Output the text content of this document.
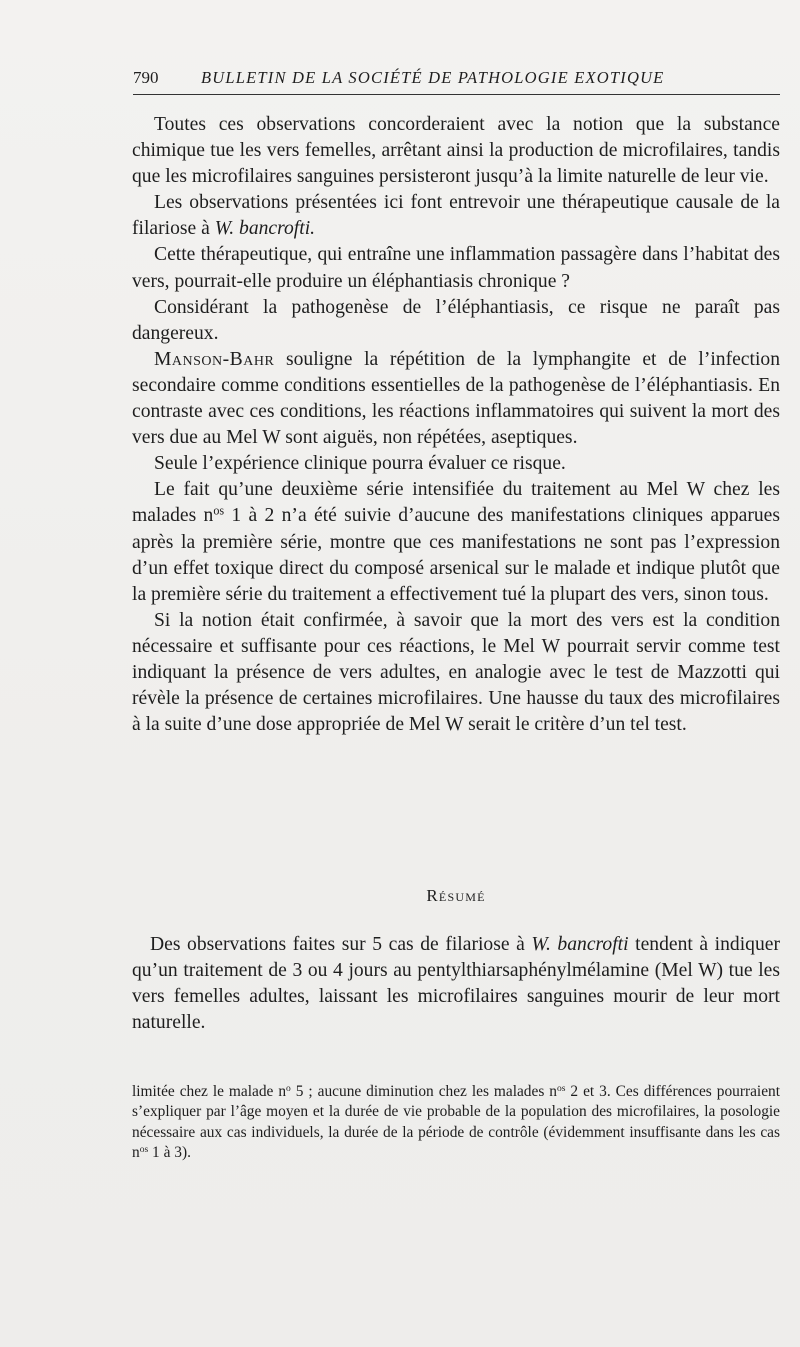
790	BULLETIN DE LA SOCIÉTÉ DE PATHOLOGIE EXOTIQUE

Toutes ces observations concorderaient avec la notion que la substance chimique tue les vers femelles, arrêtant ainsi la production de microfilaires, tandis que les microfilaires sanguines persisteront jusqu’à la limite naturelle de leur vie.

Les observations présentées ici font entrevoir une thérapeutique causale de la filariose à W. bancrofti.

Cette thérapeutique, qui entraîne une inflammation passagère dans l’habitat des vers, pourrait-elle produire un éléphantiasis chronique ?

Considérant la pathogenèse de l’éléphantiasis, ce risque ne paraît pas dangereux.

Manson-Bahr souligne la répétition de la lymphangite et de l’infection secondaire comme conditions essentielles de la pathogenèse de l’éléphantiasis. En contraste avec ces conditions, les réactions inflammatoires qui suivent la mort des vers due au Mel W sont aiguës, non répétées, aseptiques.

Seule l’expérience clinique pourra évaluer ce risque.

Le fait qu’une deuxième série intensifiée du traitement au Mel W chez les malades $n^{os}$ 1 à 2 n’a été suivie d’aucune des manifestations cliniques apparues après la première série, montre que ces manifestations ne sont pas l’expression d’un effet toxique direct du composé arsenical sur le malade et indique plutôt que la première série du traitement a effectivement tué la plupart des vers, sinon tous.

Si la notion était confirmée, à savoir que la mort des vers est la condition nécessaire et suffisante pour ces réactions, le Mel W pourrait servir comme test indiquant la présence de vers adultes, en analogie avec le test de Mazzotti qui révèle la présence de certaines microfilaires. Une hausse du taux des microfilaires à la suite d’une dose appropriée de Mel W serait le critère d’un tel test.

Résumé

Des observations faites sur 5 cas de filariose à W. bancrofti tendent à indiquer qu’un traitement de 3 ou 4 jours au pentylthiarsaphénylmélamine (Mel W) tue les vers femelles adultes, laissant les microfilaires sanguines mourir de leur mort naturelle.

limitée chez le malade $n^o$ 5 ; aucune diminution chez les malades $n^{os}$ 2 et 3. Ces différences pourraient s’expliquer par l’âge moyen et la durée de vie probable de la population des microfilaires, la posologie nécessaire aux cas individuels, la durée de la période de contrôle (évidemment insuffisante dans les cas $n^{os}$ 1 à 3).
